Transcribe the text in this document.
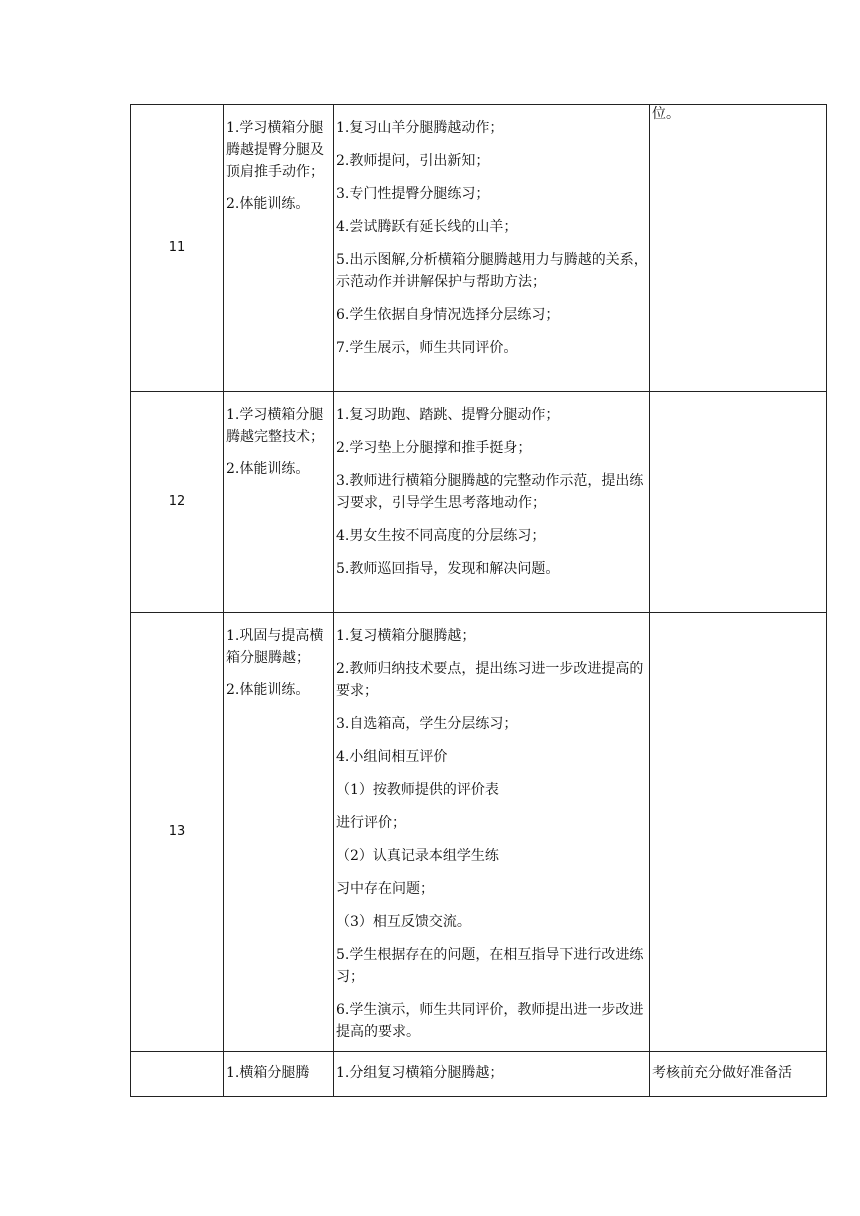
11
1.学习横箱分腿腾越提臀分腿及顶肩推手动作；
2.体能训练。
1.复习山羊分腿腾越动作；
2.教师提问，引出新知；
3.专门性提臀分腿练习；
4.尝试腾跃有延长线的山羊；
5.出示图解,分析横箱分腿腾越用力与腾越的关系，示范动作并讲解保护与帮助方法；
6.学生依据自身情况选择分层练习；
7.学生展示，师生共同评价。
12
1.学习横箱分腿腾越完整技术；
2.体能训练。
1.复习助跑、踏跳、提臀分腿动作；
2.学习垫上分腿撑和推手挺身；
3.教师进行横箱分腿腾越的完整动作示范，提出练习要求，引导学生思考落地动作；
4.男女生按不同高度的分层练习；
5.教师巡回指导，发现和解决问题。
13
1.巩固与提高横箱分腿腾越；
2.体能训练。
1.复习横箱分腿腾越；
2.教师归纳技术要点，提出练习进一步改进提高的要求；
3.自选箱高，学生分层练习；
4.小组间相互评价
（1）按教师提供的评价表
进行评价；
（2）认真记录本组学生练
习中存在问题；
（3）相互反馈交流。
5.学生根据存在的问题，在相互指导下进行改进练习；
6.学生演示，师生共同评价，教师提出进一步改进提高的要求。
1.横箱分腿腾	1.分组复习横箱分腿腾越；	考核前充分做好准备活
位。
